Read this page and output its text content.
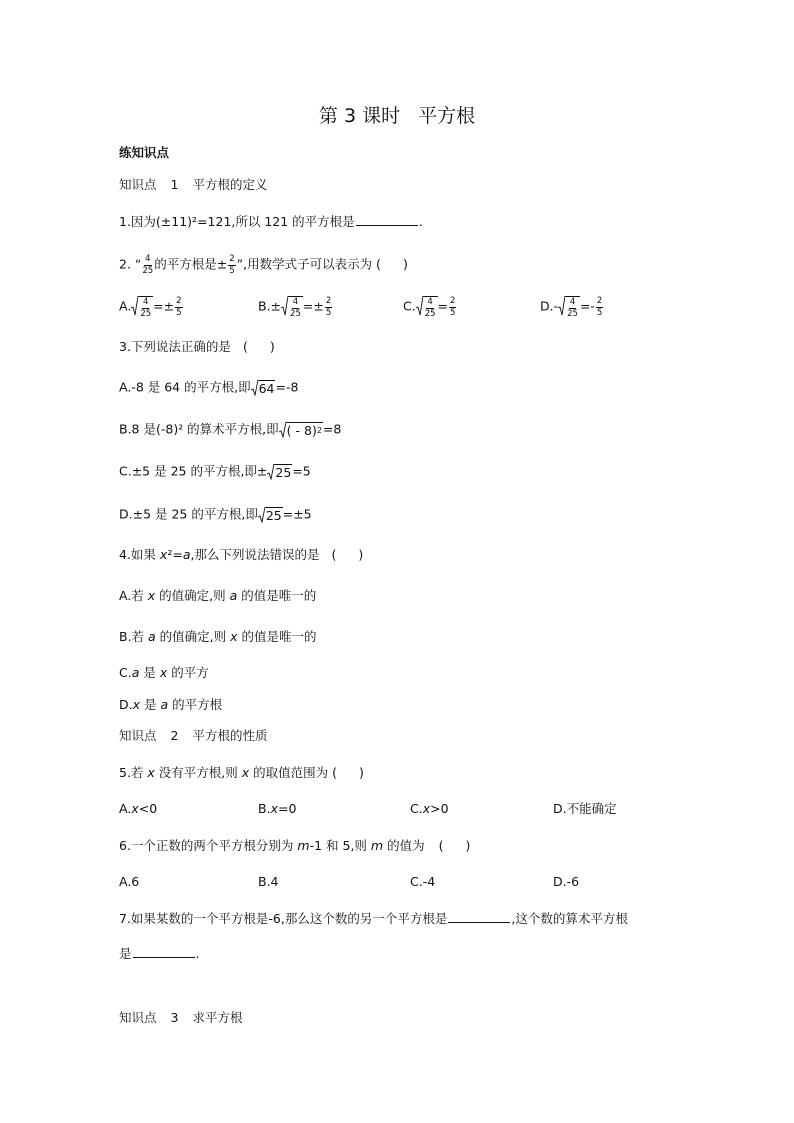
第 3 课时 平方根
练知识点
知识点 1 平方根的定义
1.因为(±11)²=121,所以 121 的平方根是	.
2. “ $\frac{4}{25}$ 的平方根是± $\frac{2}{5}$ ”,用数学式子可以表示为 ( )
A. $\frac{4}{25} =\pm \frac{2}{5}$	$B.\pm \frac{4}{25} =\pm \frac{2}{5}$	C. $\frac{4}{25} = \frac{2}{5}$	$D.- \frac{4}{25} =- \frac{2}{5}$
3.下列说法正确的是 ( )
A.-8 是 64 的平方根,即 64 =-8
B.8 是(-8)² 的算术平方根,即 ( - 8) 2 =8
C.±5 是 25 的平方根,即± 25 =5
D.±5 是 25 的平方根,即 25 =±5
4.如果 x²=a,那么下列说法错误的是 ( )
A.若 x 的值确定,则 a 的值是唯一的
B.若 a 的值确定,则 x 的值是唯一的
C.a 是 x 的平方
D.x 是 a 的平方根
知识点 2 平方根的性质
5.若 x 没有平方根,则 x 的取值范围为 ( )
A.x<0	B.x=0	C.x>0	D.不能确定
6.一个正数的两个平方根分别为 m-1 和 5,则 m 的值为 ( )
A.6	B.4	C.-4	D.-6
7.如果某数的一个平方根是-6,那么这个数的另一个平方根是	,这个数的算术平方根
是	.
知识点 3 求平方根
